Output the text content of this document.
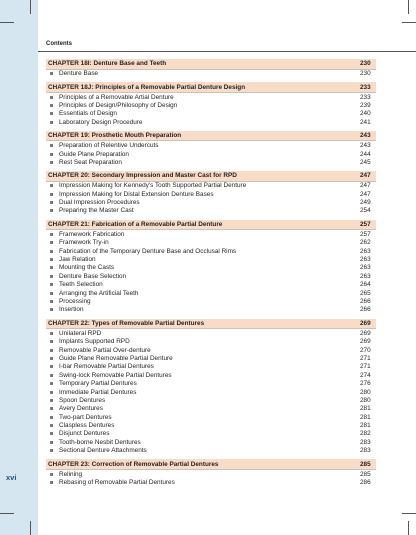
xvi
Contents
CHAPTER 18I: Denture Base and Teeth	230
Denture Base	230
CHAPTER 18J: Principles of a Removable Partial Denture Design	233
Principles of a Removable Artial Denture	233
Principles of Design/Philosophy of Design	239
Essentials of Design	240
Laboratory Design Procedure	241
CHAPTER 19: Prosthetic Mouth Preparation	243
Preparation of Relentive Undercuts	243
Guide Plane Preparation	244
Rest Seat Preparation	245
CHAPTER 20: Secondary Impression and Master Cast for RPD	247
Impression Making for Kennedy's Tooth Supported Partial Denture	247
Impression Making for Distal Extension Denture Bases	247
Dual Impression Procedures	249
Preparing the Master Cast	254
CHAPTER 21: Fabrication of a Removable Partial Denture	257
Framework Fabrication	257
Framework Try-in	262
Fabrication of the Temporary Denture Base and Occlusal Rims	263
Jaw Relation	263
Mounting the Casts	263
Denture Base Selection	263
Teeth Selection	264
Arranging the Artificial Teeth	265
Processing	266
Insertion	266
CHAPTER 22: Types of Removable Partial Dentures	269
Unilateral RPD	269
Implants Supported RPD	269
Removable Partial Over-denture	270
Guide Plane Removable Partial Denture	271
I-bar Removable Partial Dentures	271
Swing-lock Removable Partial Dentures	274
Temporary Partial Dentures	276
Immediate Partial Dentures	280
Spoon Dentures	280
Avery Dentures	281
Two-part Dentures	281
Claspless Dentures	281
Disjunct Dentures	282
Tooth-borne Nesbit Dentures	283
Sectional Denture Attachments	283
CHAPTER 23: Correction of Removable Partial Dentures	285
Relining	285
Rebasing of Removable Partial Dentures	286
